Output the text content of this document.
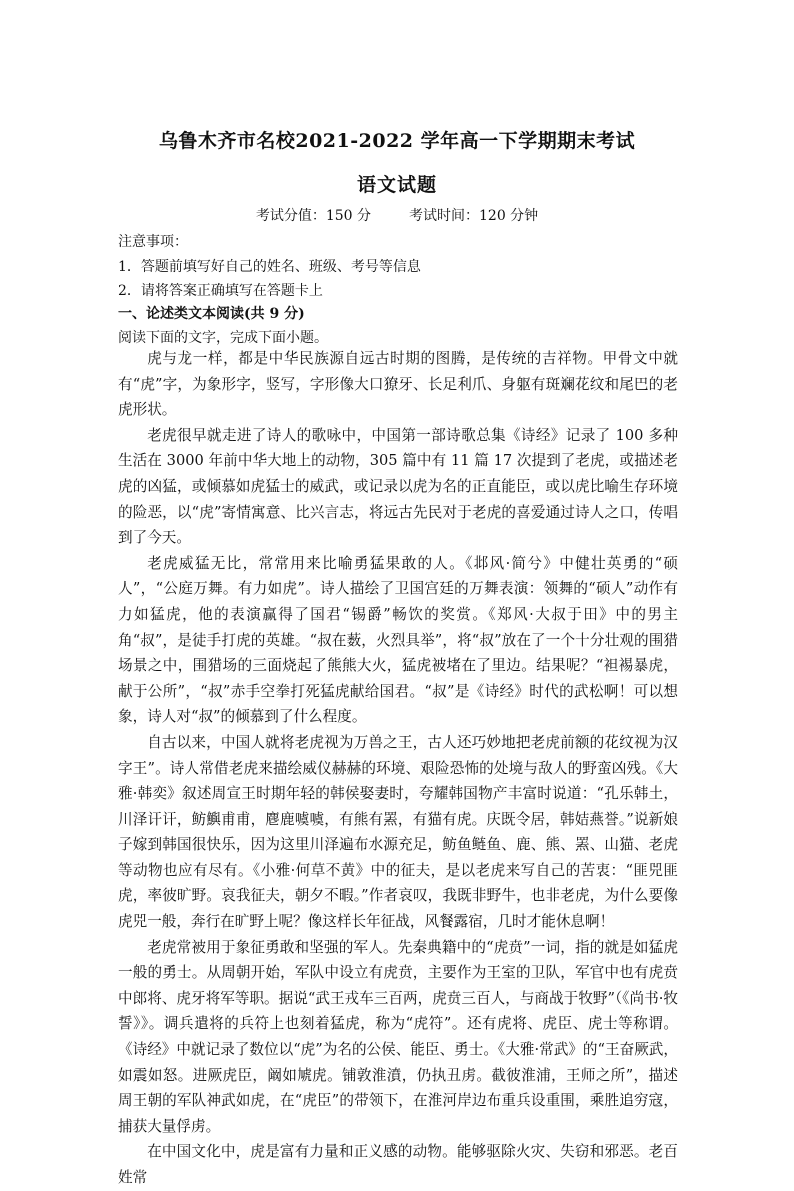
乌鲁木齐市名校2021-2022 学年高一下学期期末考试
语文试题
考试分值：150 分	考试时间：120 分钟
注意事项：
1．答题前填写好自己的姓名、班级、考号等信息
2．请将答案正确填写在答题卡上
一、论述类文本阅读(共 9 分)
阅读下面的文字，完成下面小题。

虎与龙一样，都是中华民族源自远古时期的图腾，是传统的吉祥物。甲骨文中就有“虎”字，为象形字，竖写，字形像大口獠牙、长足利爪、身躯有斑斓花纹和尾巴的老虎形状。

老虎很早就走进了诗人的歌咏中，中国第一部诗歌总集《诗经》记录了 100 多种生活在 3000 年前中华大地上的动物，305 篇中有 11 篇 17 次提到了老虎，或描述老虎的凶猛，或倾慕如虎猛士的威武，或记录以虎为名的正直能臣，或以虎比喻生存环境的险恶，以“虎”寄情寓意、比兴言志，将远古先民对于老虎的喜爱通过诗人之口，传唱到了今天。

老虎威猛无比，常常用来比喻勇猛果敢的人。《邶风·简兮》中健壮英勇的“硕人”，“公庭万舞。有力如虎”。诗人描绘了卫国宫廷的万舞表演：领舞的“硕人”动作有力如猛虎，他的表演赢得了国君“锡爵”畅饮的奖赏。《郑风·大叔于田》中的男主角“叔”，是徒手打虎的英雄。“叔在薮，火烈具举”，将“叔”放在了一个十分壮观的围猎场景之中，围猎场的三面烧起了熊熊大火，猛虎被堵在了里边。结果呢？“袒裼暴虎，献于公所”，“叔”赤手空拳打死猛虎献给国君。“叔”是《诗经》时代的武松啊！可以想象，诗人对“叔”的倾慕到了什么程度。

自古以来，中国人就将老虎视为万兽之王，古人还巧妙地把老虎前额的花纹视为汉字王”。诗人常借老虎来描绘威仪赫赫的环境、艰险恐怖的处境与敌人的野蛮凶残。《大雅·韩奕》叙述周宣王时期年轻的韩侯娶妻时，夸耀韩国物产丰富时说道：“孔乐韩土，川泽讦讦，鲂鱮甫甫，麀鹿噳噳，有熊有罴，有猫有虎。庆既令居，韩姞燕誉。”说新娘子嫁到韩国很快乐，因为这里川泽遍布水源充足，鲂鱼鲢鱼、鹿、熊、罴、山猫、老虎等动物也应有尽有。《小雅·何草不黄》中的征夫，是以老虎来写自己的苦衷：“匪兕匪虎，率彼旷野。哀我征夫，朝夕不暇。”作者哀叹，我既非野牛，也非老虎，为什么要像虎兕一般，奔行在旷野上呢？像这样长年征战，风餐露宿，几时才能休息啊！

老虎常被用于象征勇敢和坚强的军人。先秦典籍中的“虎贲”一词，指的就是如猛虎一般的勇士。从周朝开始，军队中设立有虎贲，主要作为王室的卫队，军官中也有虎贲中郎将、虎牙将军等职。据说“武王戎车三百两，虎贲三百人，与商战于牧野”（《尚书·牧誓》》。调兵遣将的兵符上也刻着猛虎，称为“虎符”。还有虎将、虎臣、虎士等称谓。《诗经》中就记录了数位以“虎”为名的公侯、能臣、勇士。《大雅·常武》的“王奋厥武，如震如怒。进厥虎臣，阚如虓虎。铺敦淮濆，仍执丑虏。截彼淮浦，王师之所”，描述周王朝的军队神武如虎，在“虎臣”的带领下，在淮河岸边布重兵设重围，乘胜追穷寇，捕获大量俘虏。

在中国文化中，虎是富有力量和正义感的动物。能够驱除火灾、失窃和邪恶。老百姓常
